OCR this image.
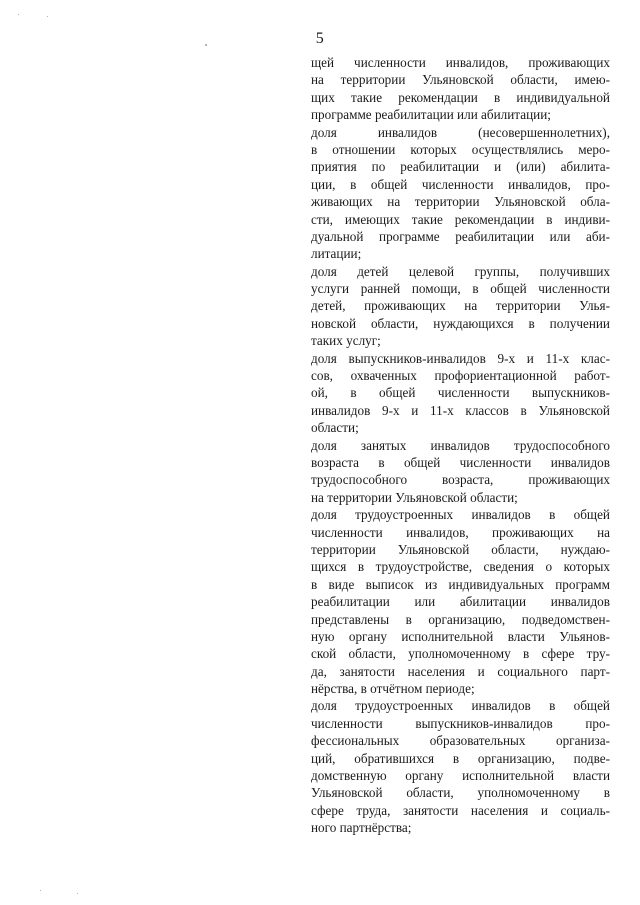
5
щей численности инвалидов, проживающих
на территории Ульяновской области, имею-
щих такие рекомендации в индивидуальной
программе реабилитации или абилитации;
доля инвалидов (несовершеннолетних),
в отношении которых осуществлялись меро-
приятия по реабилитации и (или) абилита-
ции, в общей численности инвалидов, про-
живающих на территории Ульяновской обла-
сти, имеющих такие рекомендации в индиви-
дуальной программе реабилитации или аби-
литации;
доля детей целевой группы, получивших
услуги ранней помощи, в общей численности
детей, проживающих на территории Улья-
новской области, нуждающихся в получении
таких услуг;
доля выпускников-инвалидов 9-х и 11-х клас-
сов, охваченных профориентационной работ-
ой, в общей численности выпускников-
инвалидов 9-х и 11-х классов в Ульяновской
области;
доля занятых инвалидов трудоспособного
возраста в общей численности инвалидов
трудоспособного возраста, проживающих
на территории Ульяновской области;
доля трудоустроенных инвалидов в общей
численности инвалидов, проживающих на
территории Ульяновской области, нуждаю-
щихся в трудоустройстве, сведения о которых
в виде выписок из индивидуальных программ
реабилитации или абилитации инвалидов
представлены в организацию, подведомствен-
ную органу исполнительной власти Ульянов-
ской области, уполномоченному в сфере тру-
да, занятости населения и социального парт-
нёрства, в отчётном периоде;
доля трудоустроенных инвалидов в общей
численности выпускников-инвалидов про-
фессиональных образовательных организа-
ций, обратившихся в организацию, подве-
домственную органу исполнительной власти
Ульяновской области, уполномоченному в
сфере труда, занятости населения и социаль-
ного партнёрства;
